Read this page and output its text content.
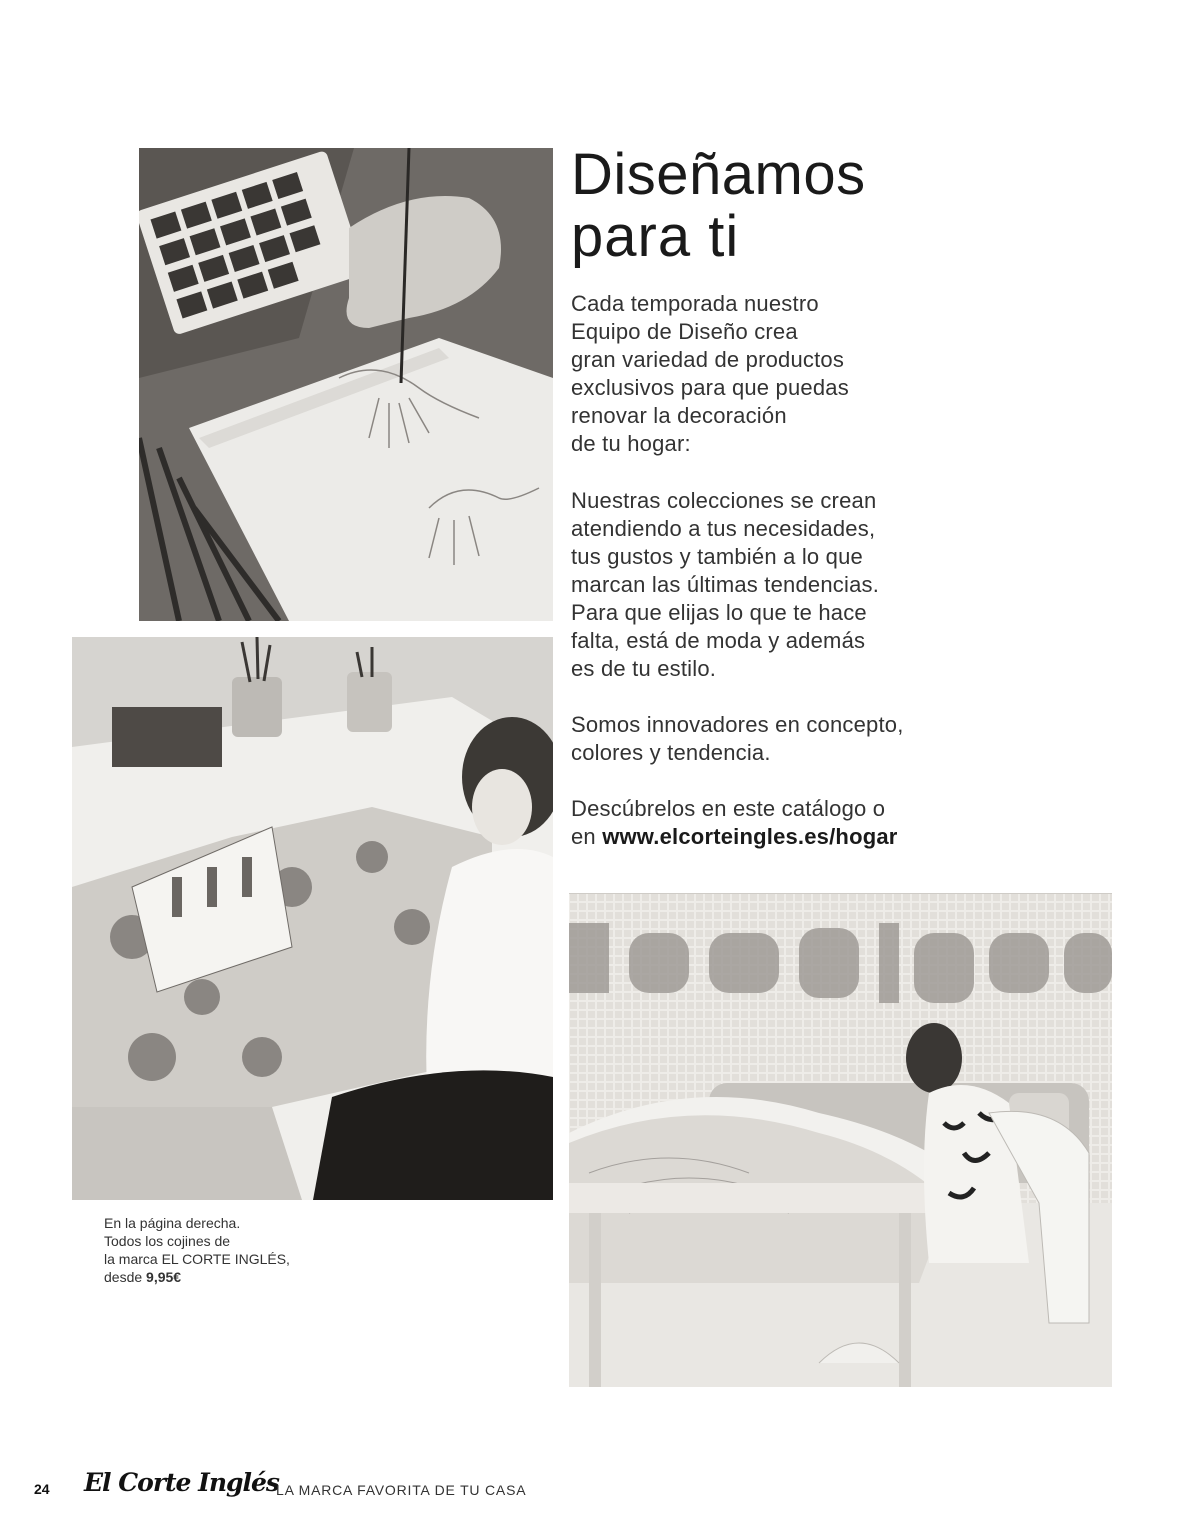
Diseñamos
para ti
Cada temporada nuestro
Equipo de Diseño crea
gran variedad de productos
exclusivos para que puedas
renovar la decoración
de tu hogar:
Nuestras colecciones se crean
atendiendo a tus necesidades,
tus gustos y también a lo que
marcan las últimas tendencias.
Para que elijas lo que te hace
falta, está de moda y además
es de tu estilo.
Somos innovadores en concepto,
colores y tendencia.
Descúbrelos en este catálogo o
en www.elcorteingles.es/hogar
En la página derecha.
Todos los cojines de
la marca EL CORTE INGLÉS,
desde 9,95€
24 El Corte Inglés
LA MARCA FAVORITA DE TU CASA
